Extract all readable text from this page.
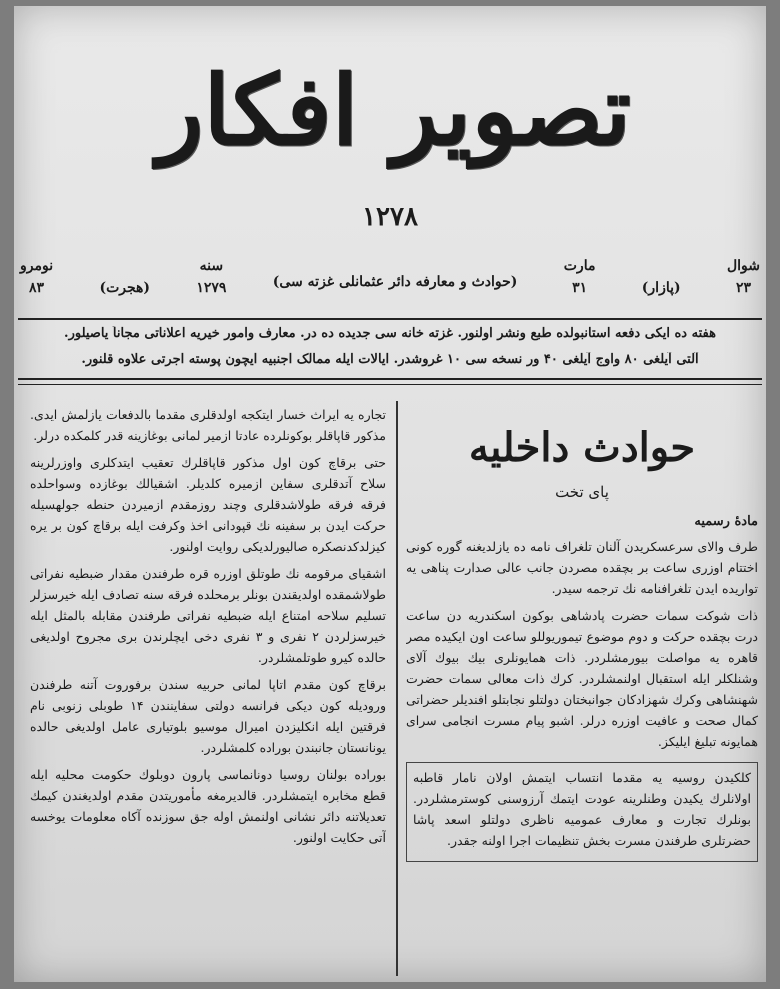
تصویر افکار
۱۲۷۸
شوال
۲۳
(پازار)
مارت
۳۱
(حوادث و معارفه دائر عثمانلی غزته سی)
سنه
۱۲۷۹
(هجرت)
نومرو
۸۳
هفته ده ایکی دفعه استانبولده طبع ونشر اولنور. غزته خانه سی جدیده ده در. معارف وامور خیریه اعلاناتی مجاناً یاصیلور.
آلتی آیلغی ۸۰ واوج آیلغی ۴۰ ور نسخه سی ۱۰ غروشدر. ایالات ایله ممالک اجنبیه ایچون پوسته اجرتی علاوه قلنور.
حوادث داخلیه
پای تخت
مادهٔ رسمیه

طرف والای سرعسکریدن آلنان تلغراف نامه ده یازلدیغنه گوره کونی اختتام اوزری ساعت بر بچقده مصردن جانب عالی صدارت پناهی یه تواریده ایدن تلغرافنامه نك ترجمه سیدر.

ذات شوکت سمات حضرت پادشاهی بوکون اسکندریه دن ساعت درت بچقده حرکت و دوم موضوع تیموریوللو ساعت اون ایکیده مصر قاهره یه مواصلت بیورمشلردر. ذات همایونلری بیك بیوك آلای وشنلکلر ایله استقبال اولنمشلردر. کرك ذات معالی سمات حضرت شهنشاهی وکرك شهزادکان جوانبختان دولتلو نجابتلو افندیلر حضراتی کمال صحت و عافیت اوزره درلر. اشبو پیام مسرت انجامی سرای همایونه تبلیغ ایلیکز.

کلکیدن روسیه یه مقدما انتساب ایتمش اولان نامار قاطبه اولانلرك یکیدن وطنلرینه عودت ایتمك آرزوسنی کوسترمشلردر. بونلرك تجارت و معارف عمومیه ناظری دولتلو اسعد پاشا حضرتلری طرفندن مسرت بخش تنظیمات اجرا اولنه جقدر.

تجاره یه ایراث خسار ایتکجه اولدقلری مقدما بالدفعات یازلمش ایدی. مذکور قاپاقلر بوکونلرده عادتا ازمیر لمانی بوغازینه قدر کلمکده درلر.

حتی برقاچ کون اول مذکور قاپاقلرك تعقیب ایتدکلری واوزرلرینه سلاح آتدقلری سفاین ازمیره کلدیلر. اشقیالك بوغازده وسواحلده فرقه فرقه طولاشدقلری وچند روزمقدم ازمیردن حنطه جولهسیله حرکت ایدن بر سفینه نك قپودانی اخذ وکرفت ایله برقاچ کون بر یره کیزلدکدنصکره صالیورلدیکی روایت اولنور.

اشقیای مرقومه نك طوتلق اوزره قره طرفندن مقدار ضبطیه نفراتی طولاشمقده اولدیقندن بونلر برمحلده فرقه سنه تصادف ایله خیرسزلر تسلیم سلاحه امتناع ایله ضبطیه نفراتی طرفندن مقابله بالمثل ایله خیرسزلردن ۲ نفری و ۳ نفری دخی ایچلرندن بری مجروح اولدیغی حالده کیرو طوتلمشلردر.

برقاچ کون مقدم اتاپا لمانی حربیه سندن برفوروت آتنه طرفندن ورودیله کون دیکی فرانسه دولتی سفاینندن ۱۴ طوبلی زنوبی نام فرقتین ایله انکلیزدن امیرال موسیو بلوتیاری عامل اولدیغی حالده یونانستان جانبندن بوراده کلمشلردر.

بوراده بولنان روسیا دونانماسی پارون دوبلوك حکومت محلیه ایله قطع مخابره ایتمشلردر. قالدیرمغه مأموریتدن مقدم اولدیغندن کیمك تعدیلاتنه دائر نشانی اولنمش اوله جق سوزنده آکاه معلومات یوخسه آتی حکایت اولنور.
